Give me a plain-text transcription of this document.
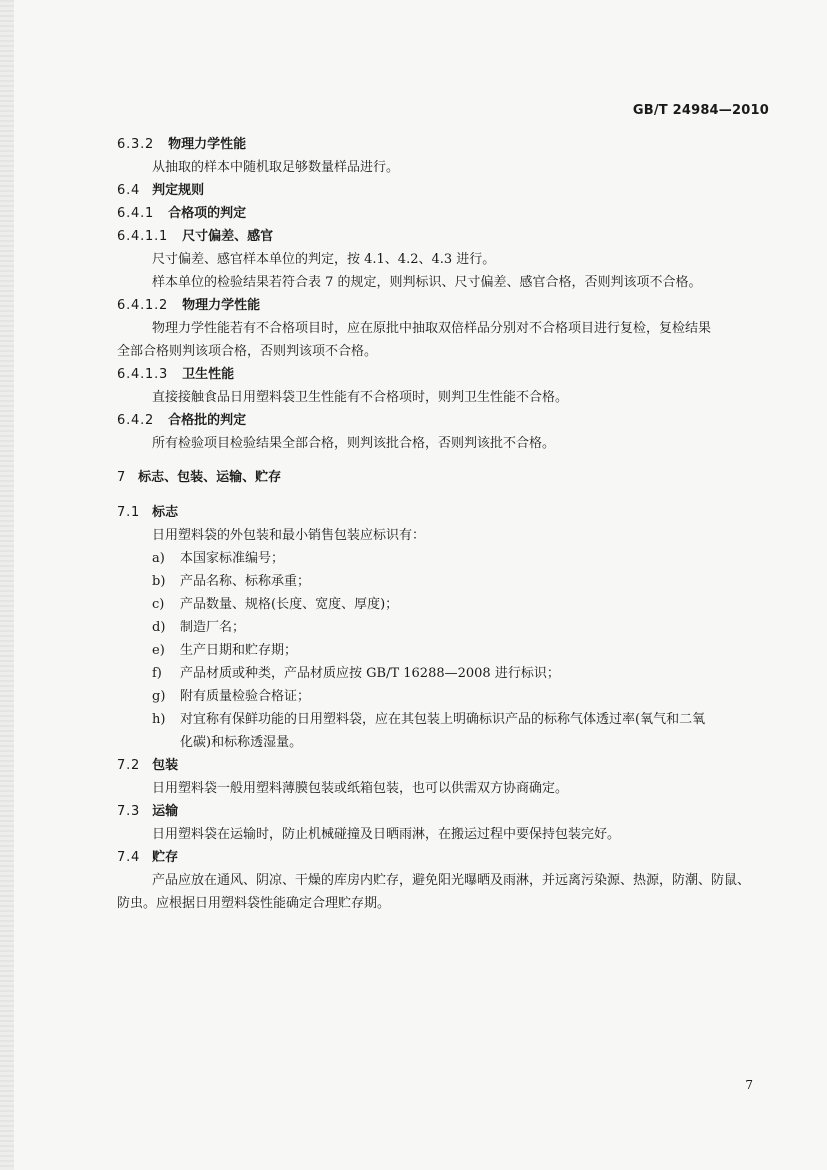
GB/T 24984—2010
6.3.2 物理力学性能
从抽取的样本中随机取足够数量样品进行。
6.4 判定规则
6.4.1 合格项的判定
6.4.1.1 尺寸偏差、感官
尺寸偏差、感官样本单位的判定，按 4.1、4.2、4.3 进行。
样本单位的检验结果若符合表 7 的规定，则判标识、尺寸偏差、感官合格，否则判该项不合格。
6.4.1.2 物理力学性能
物理力学性能若有不合格项目时，应在原批中抽取双倍样品分别对不合格项目进行复检，复检结果
全部合格则判该项合格，否则判该项不合格。
6.4.1.3 卫生性能
直接接触食品日用塑料袋卫生性能有不合格项时，则判卫生性能不合格。
6.4.2 合格批的判定
所有检验项目检验结果全部合格，则判该批合格，否则判该批不合格。
7 标志、包装、运输、贮存
7.1 标志
日用塑料袋的外包装和最小销售包装应标识有：
a) 本国家标准编号；
b) 产品名称、标称承重；
c) 产品数量、规格(长度、宽度、厚度)；
d) 制造厂名；
e) 生产日期和贮存期；
f) 产品材质或种类，产品材质应按 GB/T 16288—2008 进行标识；
g) 附有质量检验合格证；
h) 对宜称有保鲜功能的日用塑料袋，应在其包装上明确标识产品的标称气体透过率(氧气和二氧
化碳)和标称透湿量。
7.2 包装
日用塑料袋一般用塑料薄膜包装或纸箱包装，也可以供需双方协商确定。
7.3 运输
日用塑料袋在运输时，防止机械碰撞及日晒雨淋，在搬运过程中要保持包装完好。
7.4 贮存
产品应放在通风、阴凉、干燥的库房内贮存，避免阳光曝晒及雨淋，并远离污染源、热源，防潮、防鼠、
防虫。应根据日用塑料袋性能确定合理贮存期。
7
